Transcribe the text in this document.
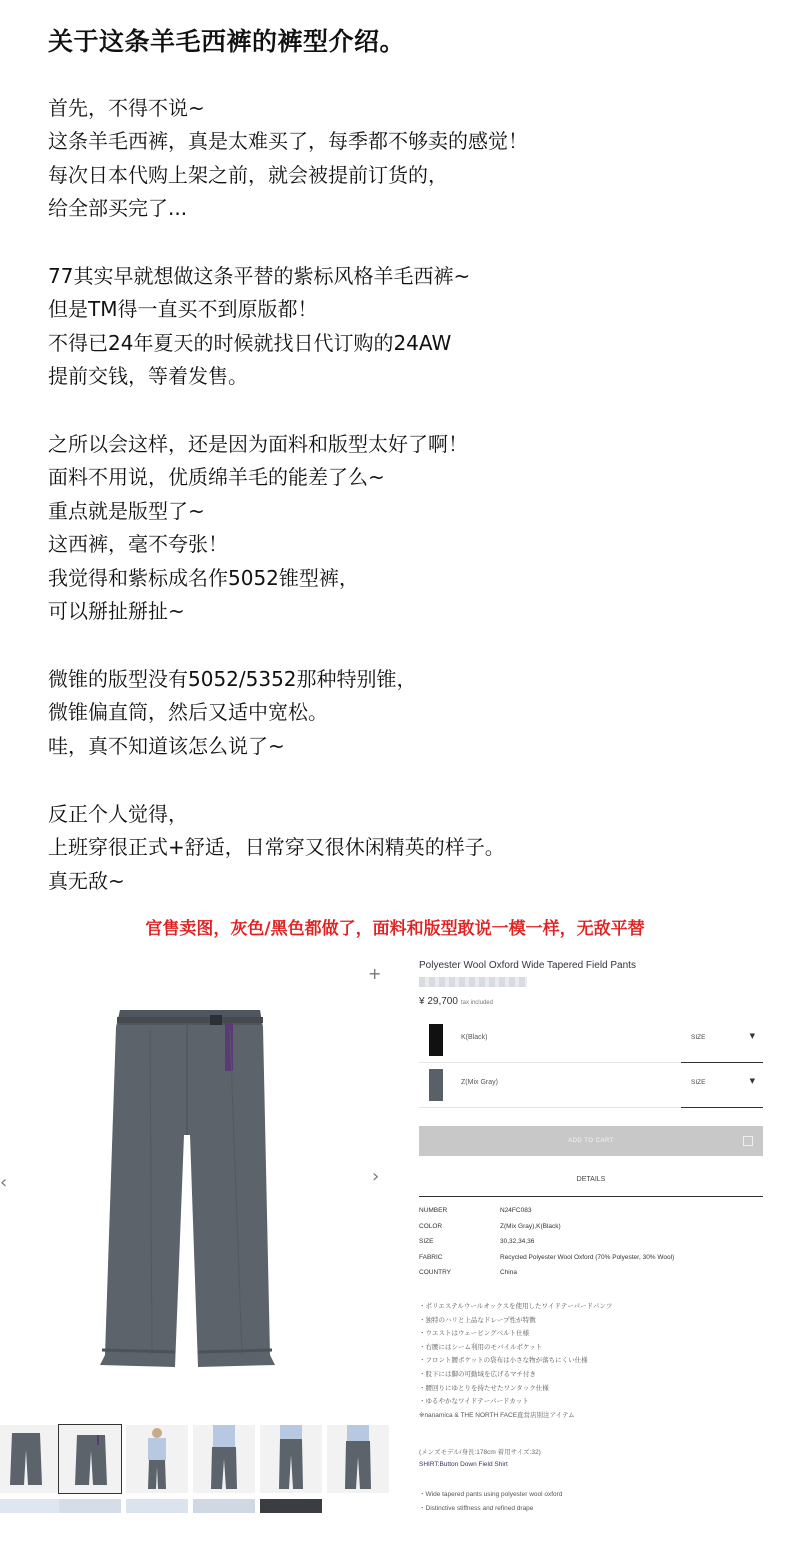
关于这条羊毛西裤的裤型介绍。
首先，不得不说~
这条羊毛西裤，真是太难买了，每季都不够卖的感觉！
每次日本代购上架之前，就会被提前订货的，
给全部买完了...
77其实早就想做这条平替的紫标风格羊毛西裤~
但是TM得一直买不到原版都！
不得已24年夏天的时候就找日代订购的24AW
提前交钱，等着发售。
之所以会这样，还是因为面料和版型太好了啊！
面料不用说，优质绵羊毛的能差了么~
重点就是版型了~
这西裤，毫不夸张！
我觉得和紫标成名作5052锥型裤，
可以掰扯掰扯~
微锥的版型没有5052/5352那种特别锥，
微锥偏直筒，然后又适中宽松。
哇，真不知道该怎么说了~
反正个人觉得，
上班穿很正式+舒适，日常穿又很休闲精英的样子。
真无敌~
官售卖图，灰色/黑色都做了，面料和版型敢说一模一样，无敌平替
+
‹	›
Polyester Wool Oxford Wide Tapered Field Pants
¥ 29,700 tax included
K(Black)	SIZE	▼
Z(Mix Gray)	SIZE	▼
ADD TO CART
DETAILS
NUMBER	N24FC083
COLOR	Z(Mix Gray),K(Black)
SIZE	30,32,34,36
FABRIC	Recycled Polyester Wool Oxford (70% Polyester, 30% Wool)
COUNTRY	China
・ポリエステルウールオックスを使用したワイドテーパードパンツ
・独特のハリと上品なドレープ性が特徴
・ウエストはウェービングベルト仕様
・右腰にはシーム利用のモバイルポケット
・フロント腰ポケットの袋布は小さな物が落ちにくい仕様
・股下には脚の可動域を広げるマチ付き
・腰回りにゆとりを持たせたワンタック仕様
・ゆるやかなワイドテーパードカット
※nanamica & THE NORTH FACE直営店別注アイテム
(メンズモデル/身長:178cm 着用サイズ:32)
SHIRT:Button Down Field Shirt
・Wide tapered pants using polyester wool oxford
・Distinctive stiffness and refined drape
